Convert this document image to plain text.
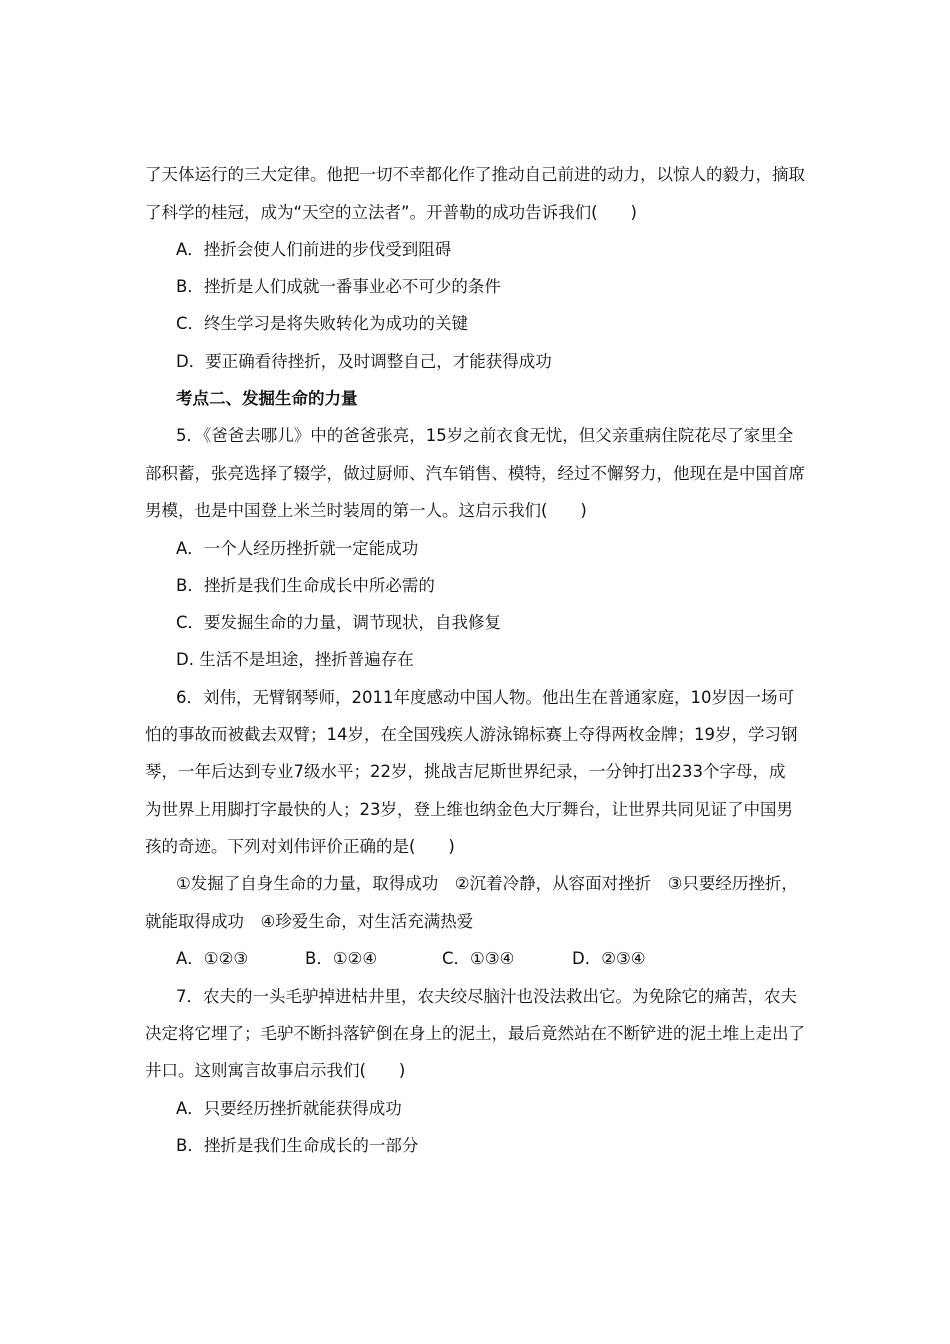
了天体运行的三大定律。他把一切不幸都化作了推动自己前进的动力，以惊人的毅力，摘取

了科学的桂冠，成为“天空的立法者”。开普勒的成功告诉我们(　　)

A．挫折会使人们前进的步伐受到阻碍

B．挫折是人们成就一番事业必不可少的条件

C．终生学习是将失败转化为成功的关键

D．要正确看待挫折，及时调整自己，才能获得成功

考点二、发掘生命的力量

5．《爸爸去哪儿》中的爸爸张亮，15岁之前衣食无忧，但父亲重病住院花尽了家里全

部积蓄，张亮选择了辍学，做过厨师、汽车销售、模特，经过不懈努力，他现在是中国首席

男模，也是中国登上米兰时装周的第一人。这启示我们(　　)

A．一个人经历挫折就一定能成功

B．挫折是我们生命成长中所必需的

C．要发掘生命的力量，调节现状，自我修复

D. 生活不是坦途，挫折普遍存在

6．刘伟，无臂钢琴师，2011年度感动中国人物。他出生在普通家庭，10岁因一场可

怕的事故而被截去双臂；14岁，在全国残疾人游泳锦标赛上夺得两枚金牌；19岁，学习钢

琴，一年后达到专业7级水平；22岁，挑战吉尼斯世界纪录，一分钟打出233个字母，成

为世界上用脚打字最快的人；23岁，登上维也纳金色大厅舞台，让世界共同见证了中国男

孩的奇迹。下列对刘伟评价正确的是(　　)

①发掘了自身生命的力量，取得成功　②沉着冷静，从容面对挫折　③只要经历挫折，

就能取得成功　④珍爱生命，对生活充满热爱

A．①②③	B．①②④	C．①③④	D．②③④

7．农夫的一头毛驴掉进枯井里，农夫绞尽脑汁也没法救出它。为免除它的痛苦，农夫

决定将它埋了；毛驴不断抖落铲倒在身上的泥土，最后竟然站在不断铲进的泥土堆上走出了

井口。这则寓言故事启示我们(　　)

A．只要经历挫折就能获得成功

B．挫折是我们生命成长的一部分
